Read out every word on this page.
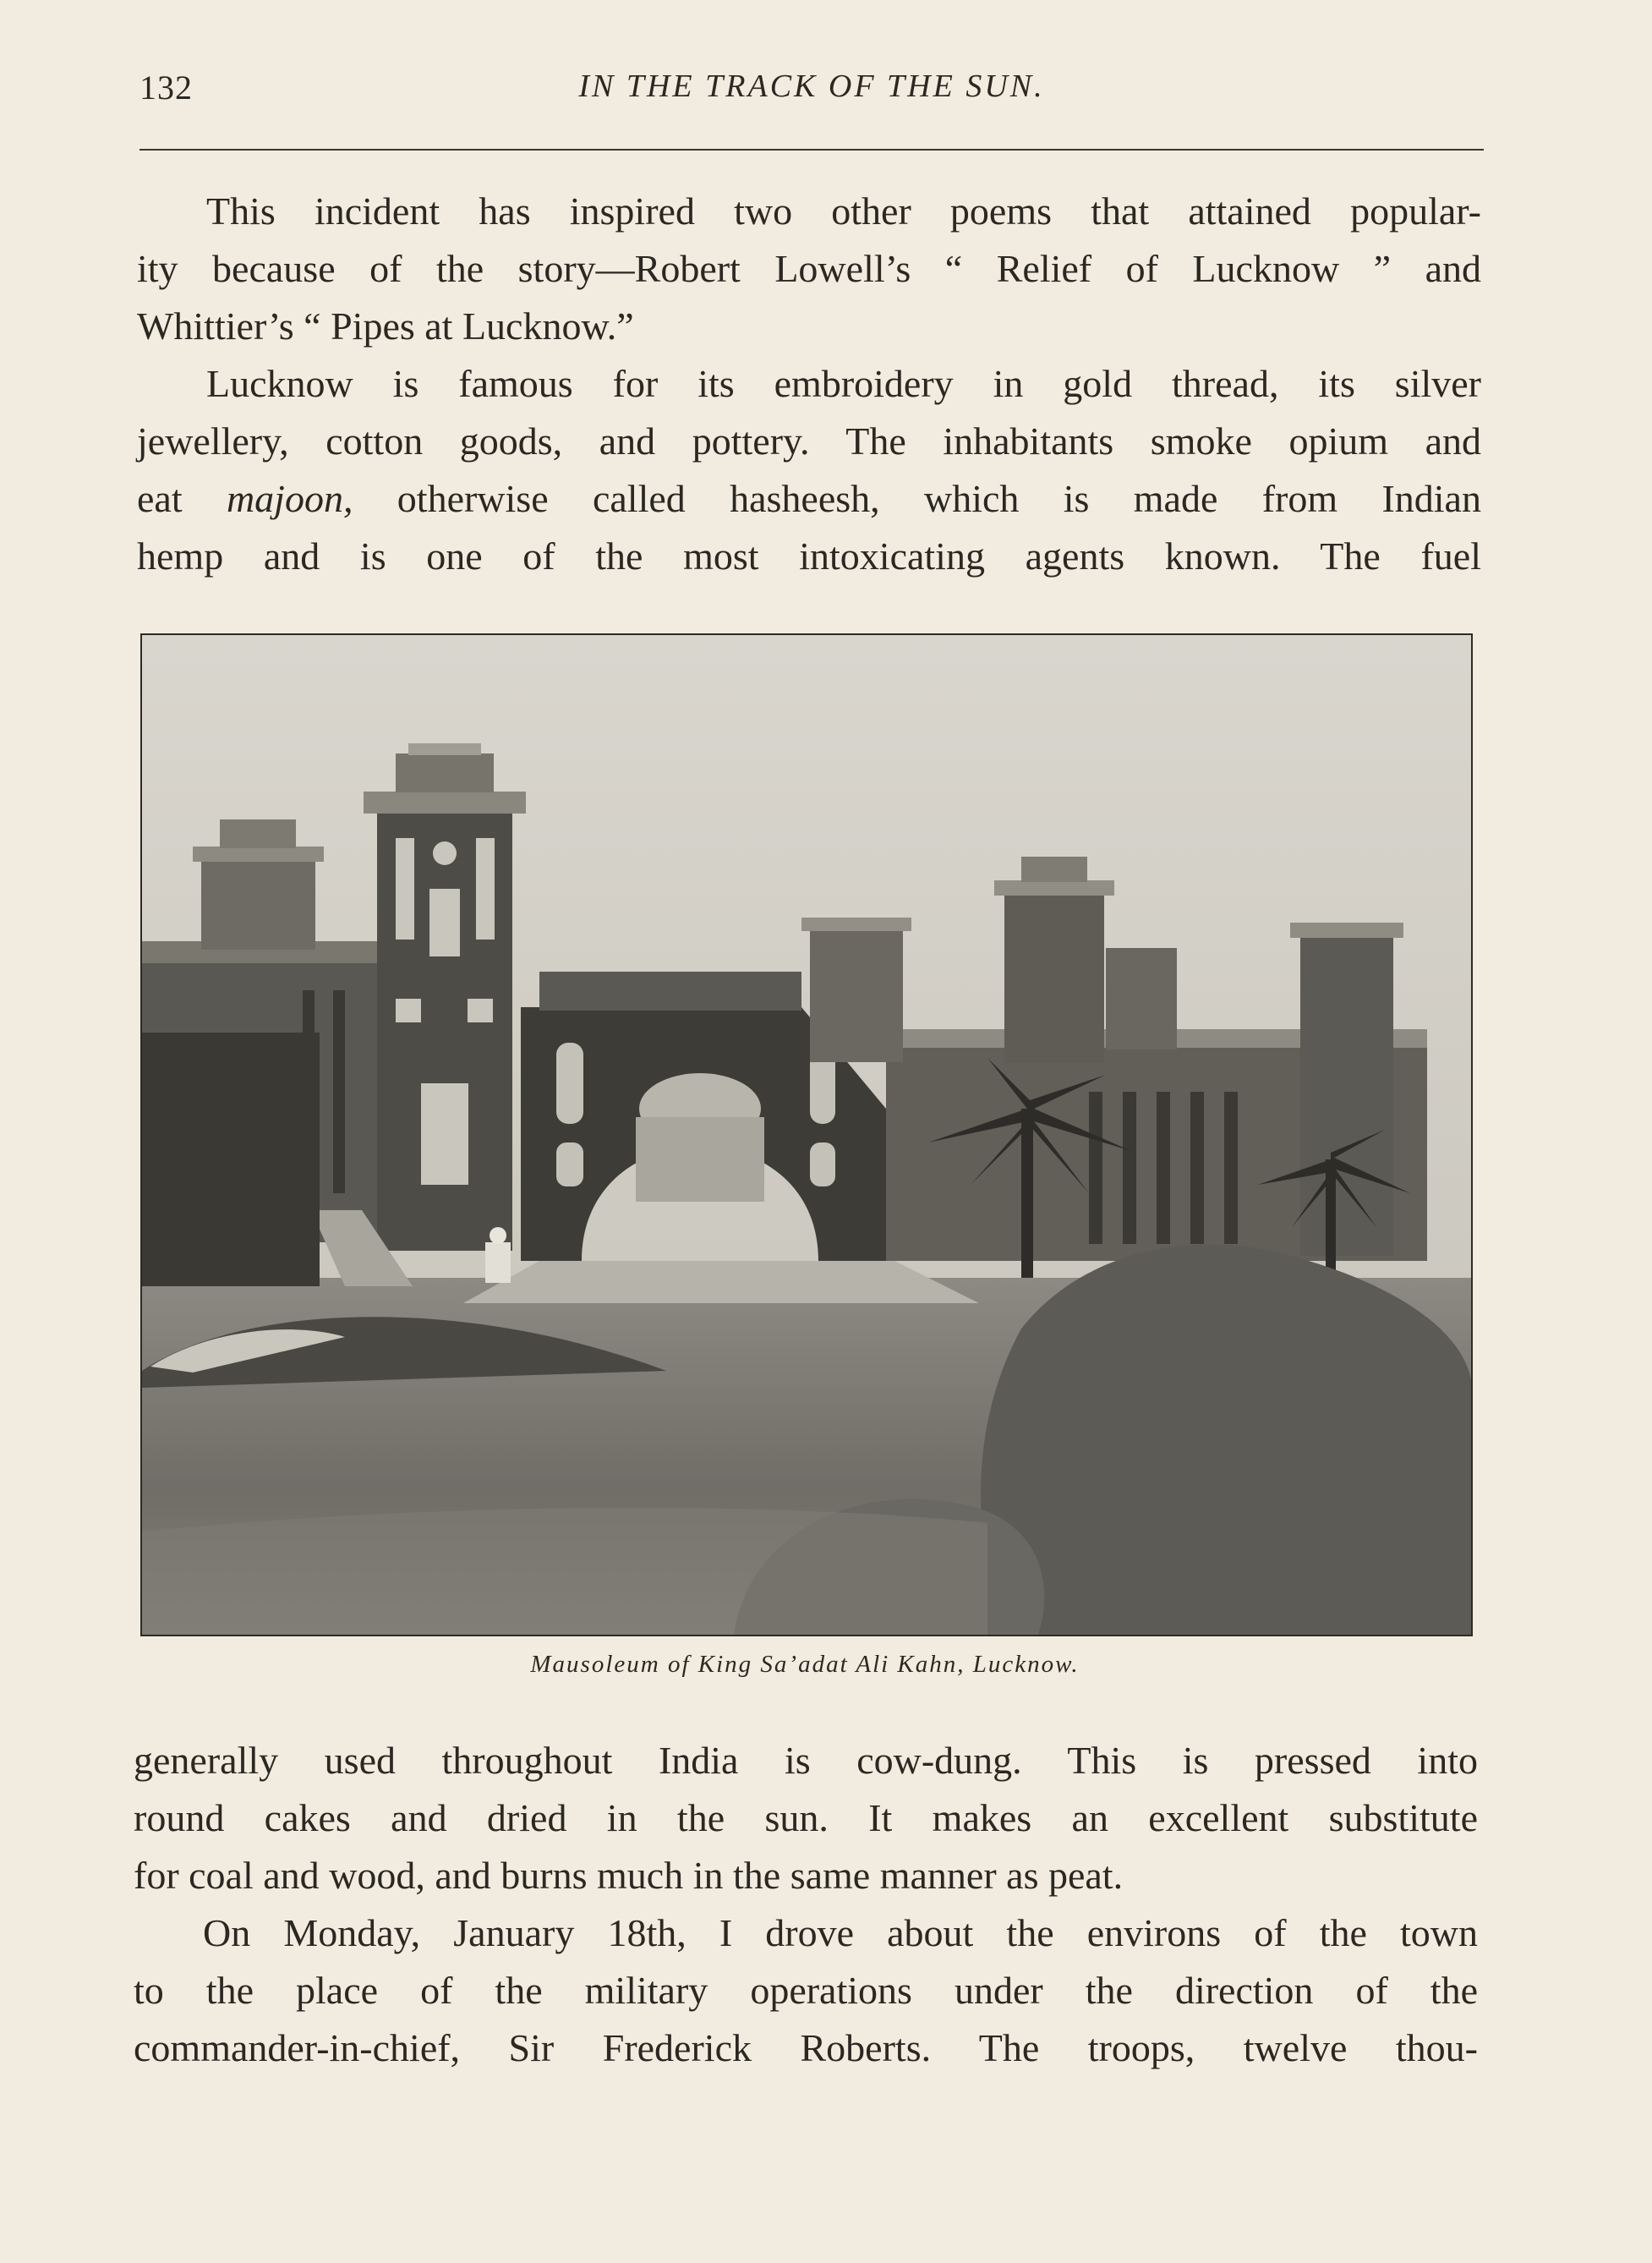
132	IN THE TRACK OF THE SUN.

This incident has inspired two other poems that attained popular-

ity because of the story—Robert Lowell’s “ Relief of Lucknow ” and

Whittier’s “ Pipes at Lucknow.”

Lucknow is famous for its embroidery in gold thread, its silver

jewellery, cotton goods, and pottery. The inhabitants smoke opium and

eat majoon, otherwise called hasheesh, which is made from Indian

hemp and is one of the most intoxicating agents known. The fuel

Mausoleum of King Sa’adat Ali Kahn, Lucknow.

generally used throughout India is cow-dung. This is pressed into

round cakes and dried in the sun. It makes an excellent substitute

for coal and wood, and burns much in the same manner as peat.

On Monday, January 18th, I drove about the environs of the town

to the place of the military operations under the direction of the

commander-in-chief, Sir Frederick Roberts. The troops, twelve thou-
